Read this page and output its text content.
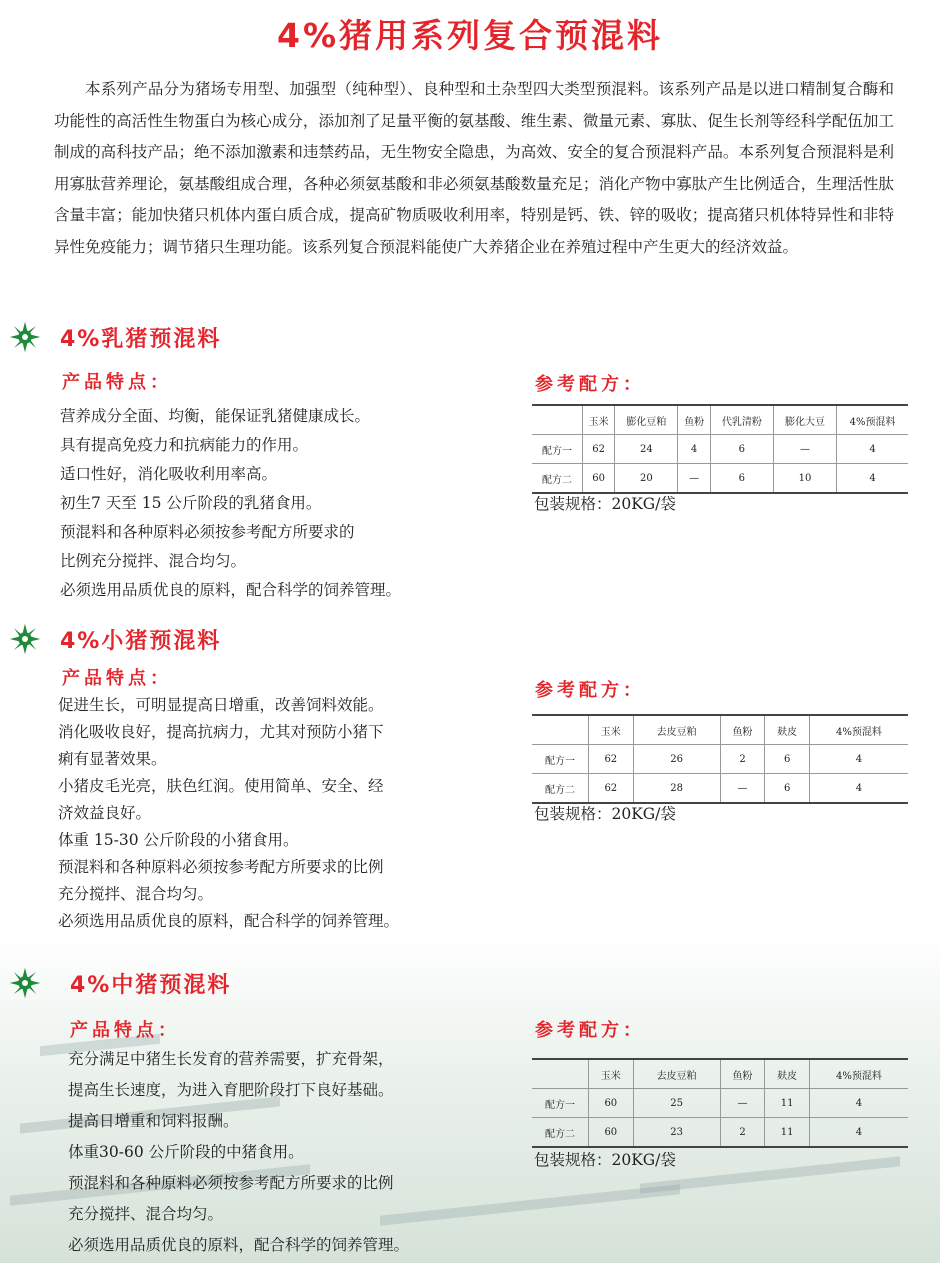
4%猪用系列复合预混料

本系列产品分为猪场专用型、加强型（纯种型）、良种型和土杂型四大类型预混料。该系列产品是以进口精制复合酶和功能性的高活性生物蛋白为核心成分，添加剂了足量平衡的氨基酸、维生素、微量元素、寡肽、促生长剂等经科学配伍加工制成的高科技产品；绝不添加激素和违禁药品，无生物安全隐患，为高效、安全的复合预混料产品。本系列复合预混料是利用寡肽营养理论，氨基酸组成合理，各种必须氨基酸和非必须氨基酸数量充足；消化产物中寡肽产生比例适合，生理活性肽含量丰富；能加快猪只机体内蛋白质合成，提高矿物质吸收利用率，特别是钙、铁、锌的吸收；提高猪只机体特异性和非特异性免疫能力；调节猪只生理功能。该系列复合预混料能使广大养猪企业在养殖过程中产生更大的经济效益。

4%乳猪预混料
产品特点：
营养成分全面、均衡，能保证乳猪健康成长。
具有提高免疫力和抗病能力的作用。
适口性好，消化吸收利用率高。
初生7 天至 15 公斤阶段的乳猪食用。
预混料和各种原料必须按参考配方所要求的
比例充分搅拌、混合均匀。
必须选用品质优良的原料，配合科学的饲养管理。
参考配方：
	玉米	膨化豆粕	鱼粉	代乳清粉	膨化大豆	4%预混料
配方一	62	24	4	6	—	4
配方二	60	20	—	6	10	4
包装规格：20KG/袋
4%小猪预混料
产品特点：
促进生长，可明显提高日增重，改善饲料效能。
消化吸收良好，提高抗病力，尤其对预防小猪下
痢有显著效果。
小猪皮毛光亮，肤色红润。使用简单、安全、经
济效益良好。
体重 15-30 公斤阶段的小猪食用。
预混料和各种原料必须按参考配方所要求的比例
充分搅拌、混合均匀。
必须选用品质优良的原料，配合科学的饲养管理。
参考配方：
	玉米	去皮豆粕	鱼粉	麸皮	4%预混料
配方一	62	26	2	6	4
配方二	62	28	—	6	4
包装规格：20KG/袋
4%中猪预混料
产品特点：
充分满足中猪生长发育的营养需要，扩充骨架，
提高生长速度，为进入育肥阶段打下良好基础。
提高日增重和饲料报酬。
体重30-60 公斤阶段的中猪食用。
预混料和各种原料必须按参考配方所要求的比例
充分搅拌、混合均匀。
必须选用品质优良的原料，配合科学的饲养管理。
参考配方：
	玉米	去皮豆粕	鱼粉	麸皮	4%预混料
配方一	60	25	—	11	4
配方二	60	23	2	11	4
包装规格：20KG/袋
